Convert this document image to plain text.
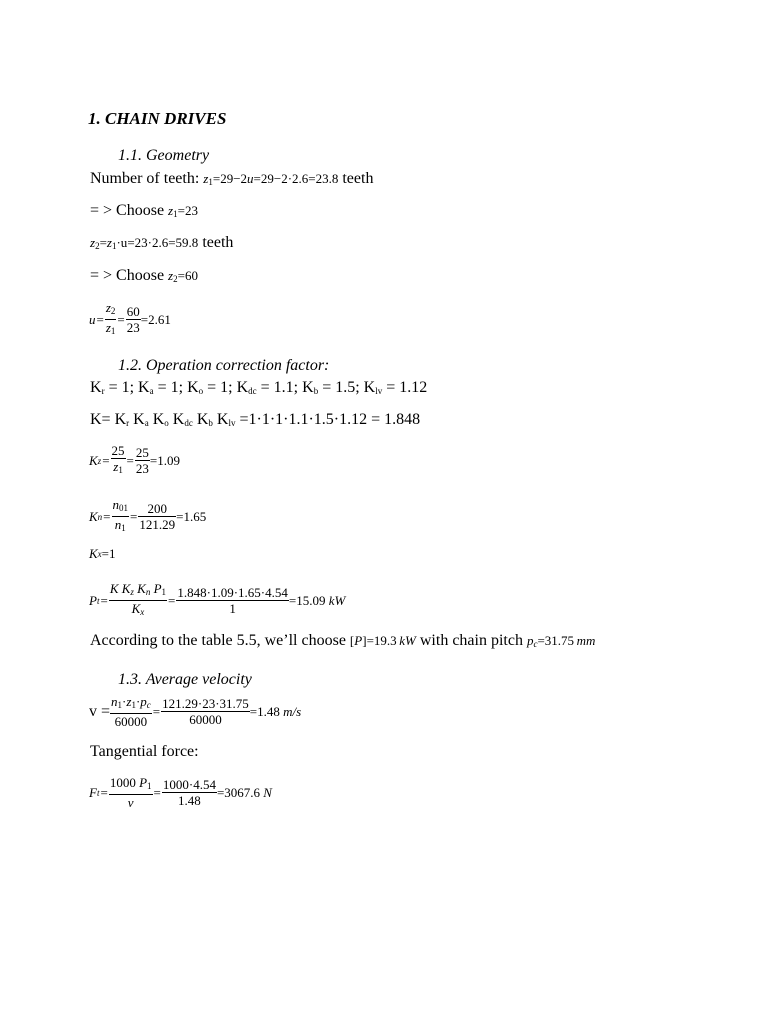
1. CHAIN DRIVES
1.1. Geometry
Number of teeth:
$z_1=29-2u=29-2\cdot 2.6=23.8$
teeth
= > Choose
$z_1=23$
$z_2=z_1\cdot u=23\cdot 2.6=59.8$
teeth
= > Choose
$z_2=60$
$u = \frac{z_2}{z_1} = \frac{60}{23} =2.61$
1.2. Operation correction factor:
$K_r = 1$; $K_a = 1$; $K_o = 1$; $K_{dc} = 1.1$; $K_b = 1.5$; $K_{lv} = 1.12$
$K= K_r$ $K_a$ $K_o$ $K_{dc}$ $K_b$ $K_{lv} =1\cdot 1\cdot 1\cdot 1.1\cdot 1.5\cdot 1.12 = 1.848$
K $z = \frac{25}{z_1} = \frac{25}{23} =1.09$
K $n = \frac{n_{01}}{n_1} = \frac{200}{121.29} =1.65$
K x =1
P $t = \frac{K K_z K_n P_1}{K_x} = \frac{1.848\cdot 1.09\cdot 1.65\cdot 4.54}{1} =15.09$
  kW
According to the table 5.5, we’ll choose
[P]=19.3  kW
with chain pitch
$p_c=31.75$  mm
1.3. Average velocity
$v = \frac{n_1\cdot z_1\cdot p_c}{60000} = \frac{121.29\cdot 23\cdot 31.75}{60000} =1.48$
  m/s
Tangential force:
F $t = \frac{1000 P_1}{v} = \frac{1000\cdot 4.54}{1.48} =3067.6$
  N
